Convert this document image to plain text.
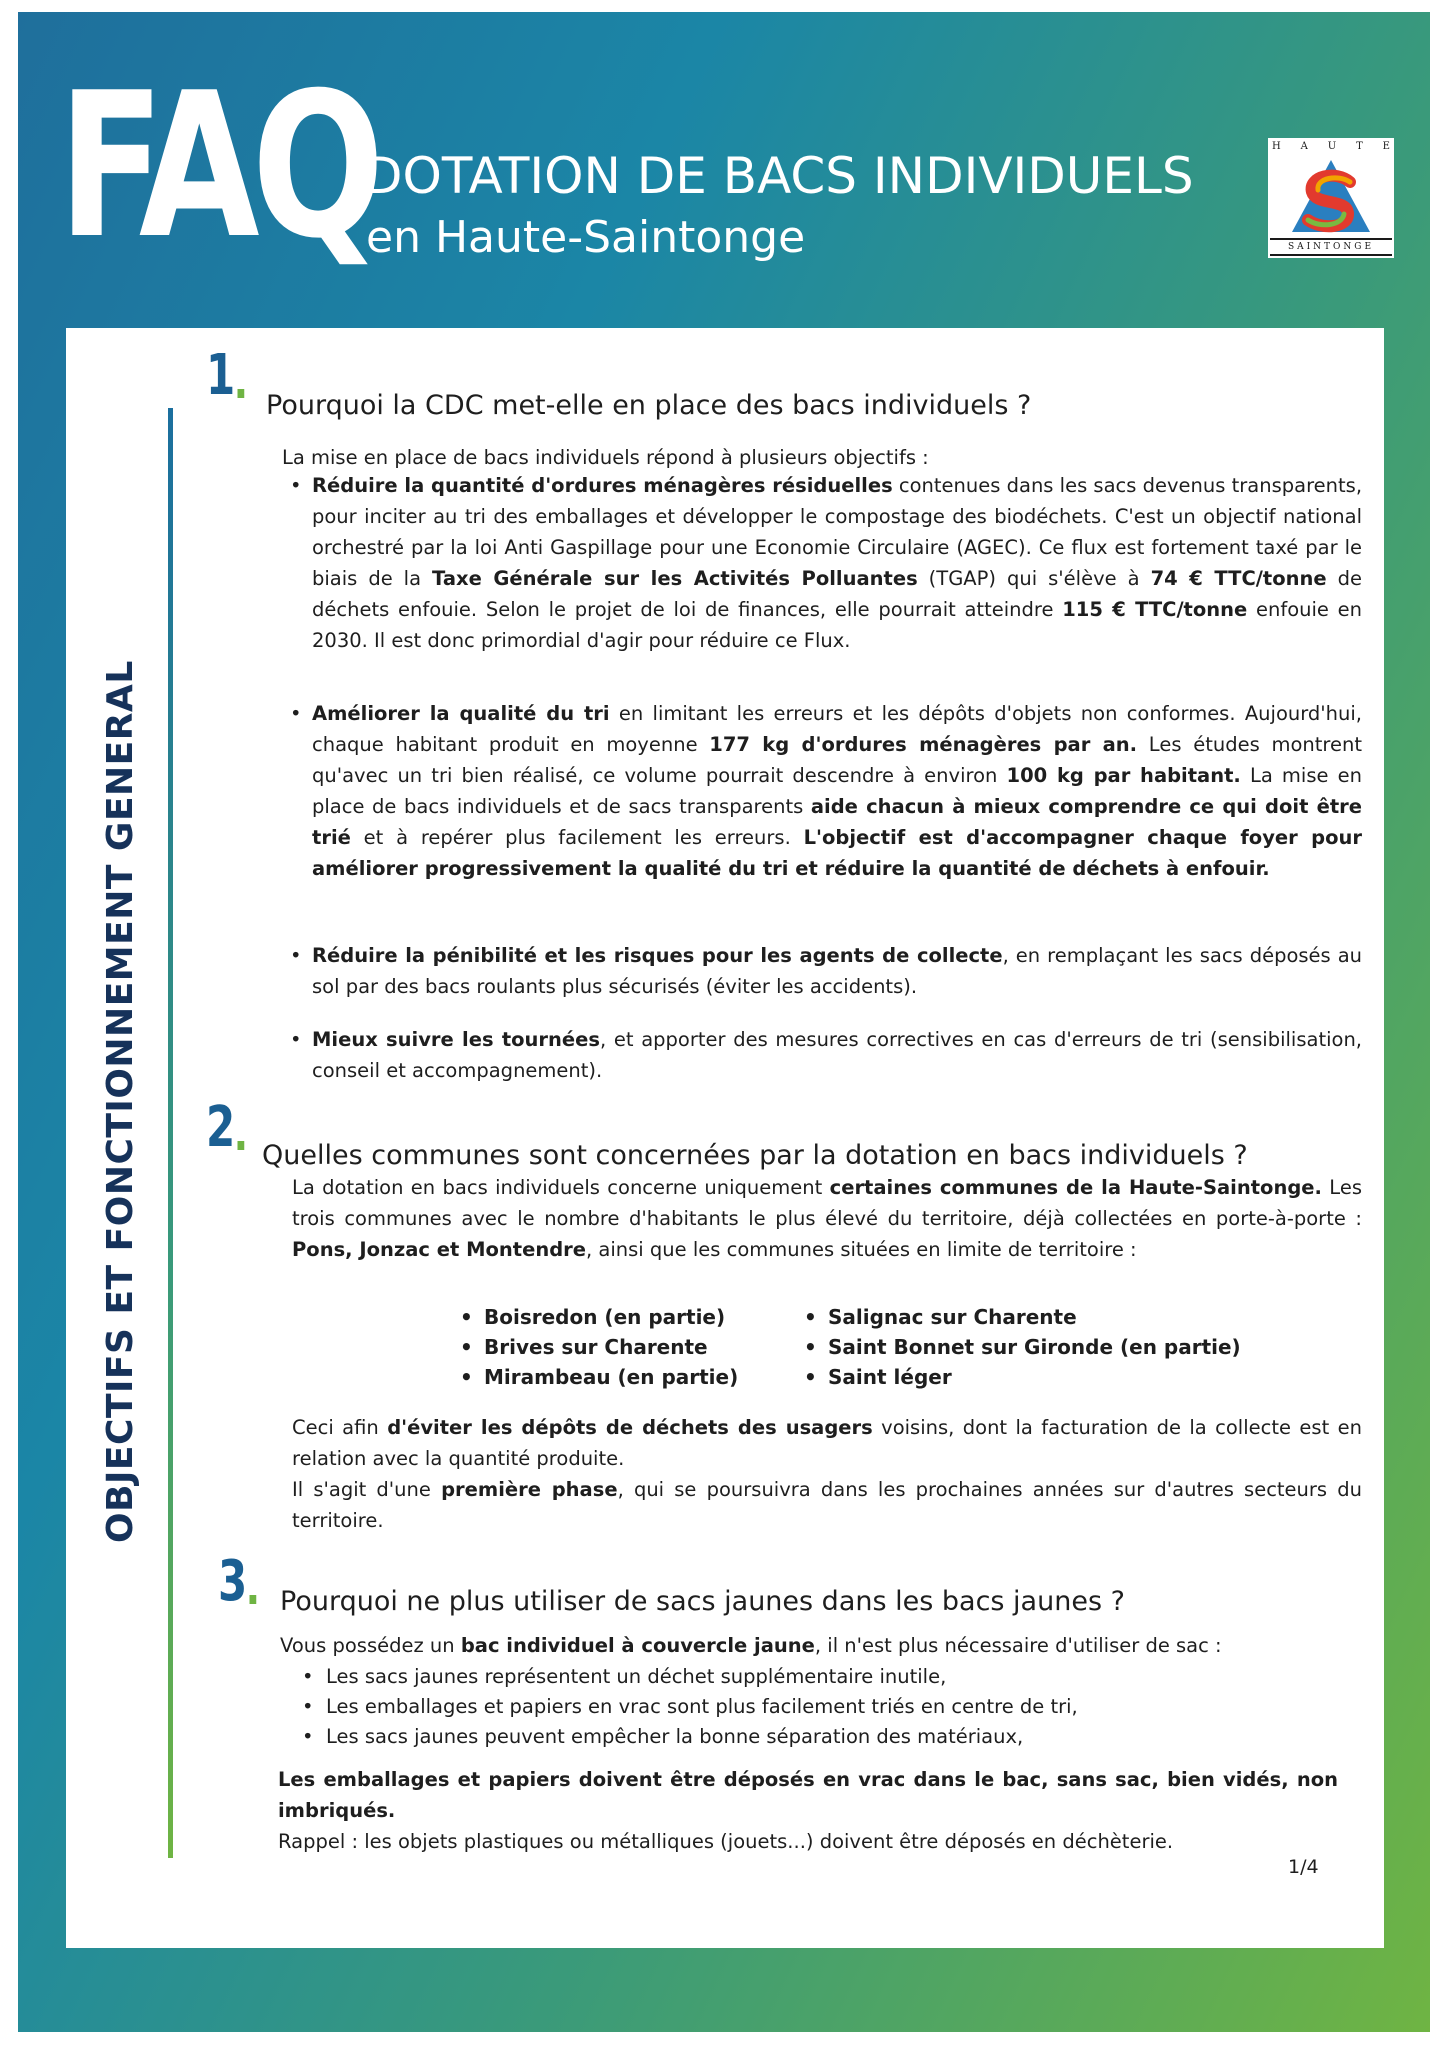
FAQ
DOTATION DE BACS INDIVIDUELS
en Haute-Saintonge
H A U T E
SAINTONGE
OBJECTIFS ET FONCTIONNEMENT GENERAL
1 Pourquoi la CDC met-elle en place des bacs individuels ?
La mise en place de bacs individuels répond à plusieurs objectifs :
• Réduire la quantité d'ordures ménagères résiduelles contenues dans les sacs devenus transparents, pour inciter au tri des emballages et développer le compostage des biodéchets. C'est un objectif national orchestré par la loi Anti Gaspillage pour une Economie Circulaire (AGEC). Ce flux est fortement taxé par le biais de la Taxe Générale sur les Activités Polluantes (TGAP) qui s'élève à 74 € TTC/tonne de déchets enfouie. Selon le projet de loi de finances, elle pourrait atteindre 115 € TTC/tonne enfouie en 2030. Il est donc primordial d'agir pour réduire ce Flux.
• Améliorer la qualité du tri en limitant les erreurs et les dépôts d'objets non conformes. Aujourd'hui, chaque habitant produit en moyenne 177 kg d'ordures ménagères par an. Les études montrent qu'avec un tri bien réalisé, ce volume pourrait descendre à environ 100 kg par habitant. La mise en place de bacs individuels et de sacs transparents aide chacun à mieux comprendre ce qui doit être trié et à repérer plus facilement les erreurs. L'objectif est d'accompagner chaque foyer pour améliorer progressivement la qualité du tri et réduire la quantité de déchets à enfouir.
• Réduire la pénibilité et les risques pour les agents de collecte, en remplaçant les sacs déposés au sol par des bacs roulants plus sécurisés (éviter les accidents).
• Mieux suivre les tournées, et apporter des mesures correctives en cas d'erreurs de tri (sensibilisation, conseil et accompagnement).
2 Quelles communes sont concernées par la dotation en bacs individuels ?
La dotation en bacs individuels concerne uniquement certaines communes de la Haute-Saintonge. Les trois communes avec le nombre d'habitants le plus élevé du territoire, déjà collectées en porte-à-porte : Pons, Jonzac et Montendre, ainsi que les communes situées en limite de territoire :
• Boisredon (en partie)
• Brives sur Charente
• Mirambeau (en partie)
• Salignac sur Charente
• Saint Bonnet sur Gironde (en partie)
• Saint léger
Ceci afin d'éviter les dépôts de déchets des usagers voisins, dont la facturation de la collecte est en relation avec la quantité produite.
Il s'agit d'une première phase, qui se poursuivra dans les prochaines années sur d'autres secteurs du territoire.
3 Pourquoi ne plus utiliser de sacs jaunes dans les bacs jaunes ?
Vous possédez un bac individuel à couvercle jaune, il n'est plus nécessaire d'utiliser de sac :
• Les sacs jaunes représentent un déchet supplémentaire inutile,
• Les emballages et papiers en vrac sont plus facilement triés en centre de tri,
• Les sacs jaunes peuvent empêcher la bonne séparation des matériaux,
Les emballages et papiers doivent être déposés en vrac dans le bac, sans sac, bien vidés, non imbriqués.
Rappel : les objets plastiques ou métalliques (jouets...) doivent être déposés en déchèterie.
1/4
